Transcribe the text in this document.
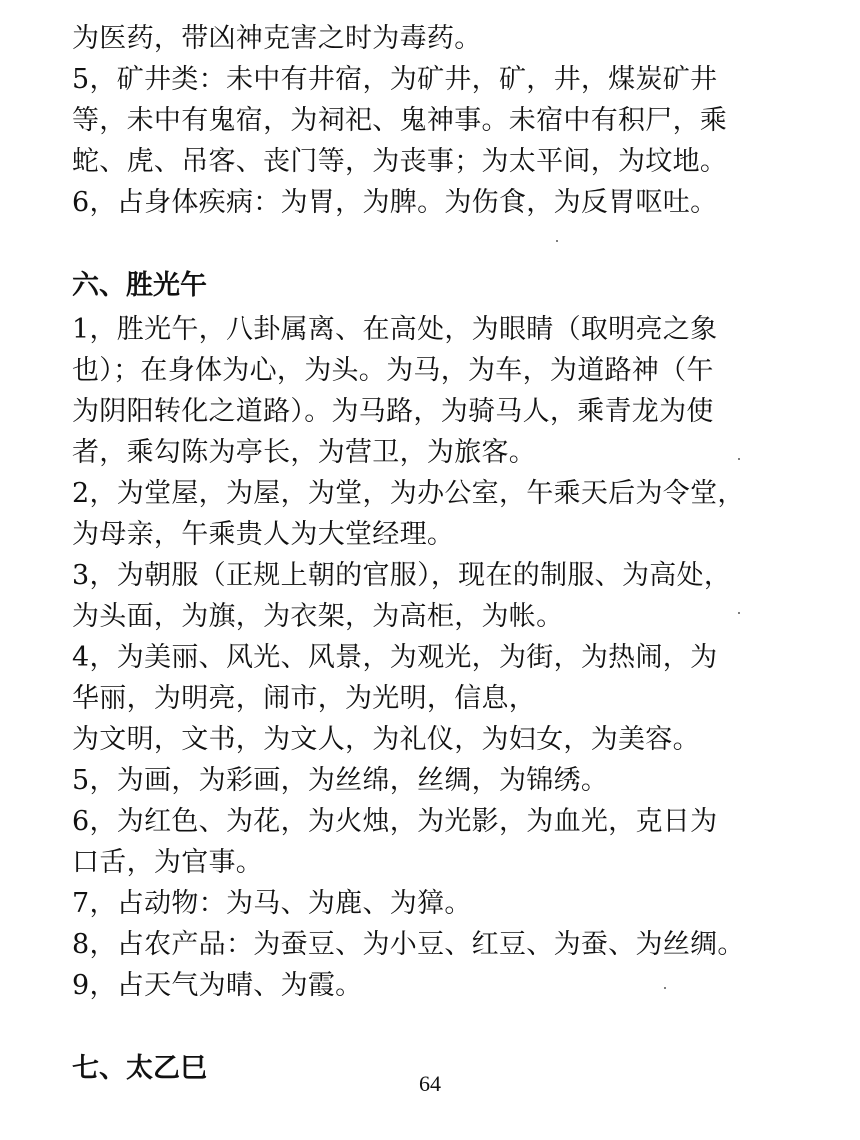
为医药，带凶神克害之时为毒药。
5，矿井类：未中有井宿，为矿井，矿，井，煤炭矿井
等，未中有鬼宿，为祠祀、鬼神事。未宿中有积尸，乘
蛇、虎、吊客、丧门等，为丧事；为太平间，为坟地。
6，占身体疾病：为胃，为脾。为伤食，为反胃呕吐。
六、胜光午
1，胜光午，八卦属离、在高处，为眼睛（取明亮之象
也）；在身体为心，为头。为马，为车，为道路神（午
为阴阳转化之道路）。为马路，为骑马人，乘青龙为使
者，乘勾陈为亭长，为营卫，为旅客。
2，为堂屋，为屋，为堂，为办公室，午乘天后为令堂，
为母亲，午乘贵人为大堂经理。
3，为朝服（正规上朝的官服），现在的制服、为高处，
为头面，为旗，为衣架，为高柜，为帐。
4，为美丽、风光、风景，为观光，为街，为热闹，为
华丽，为明亮，闹市，为光明，信息，
为文明，文书，为文人，为礼仪，为妇女，为美容。
5，为画，为彩画，为丝绵，丝绸，为锦绣。
6，为红色、为花，为火烛，为光影，为血光，克日为
口舌，为官事。
7，占动物：为马、为鹿、为獐。
8，占农产品：为蚕豆、为小豆、红豆、为蚕、为丝绸。
9，占天气为晴、为霞。
七、太乙巳	64
